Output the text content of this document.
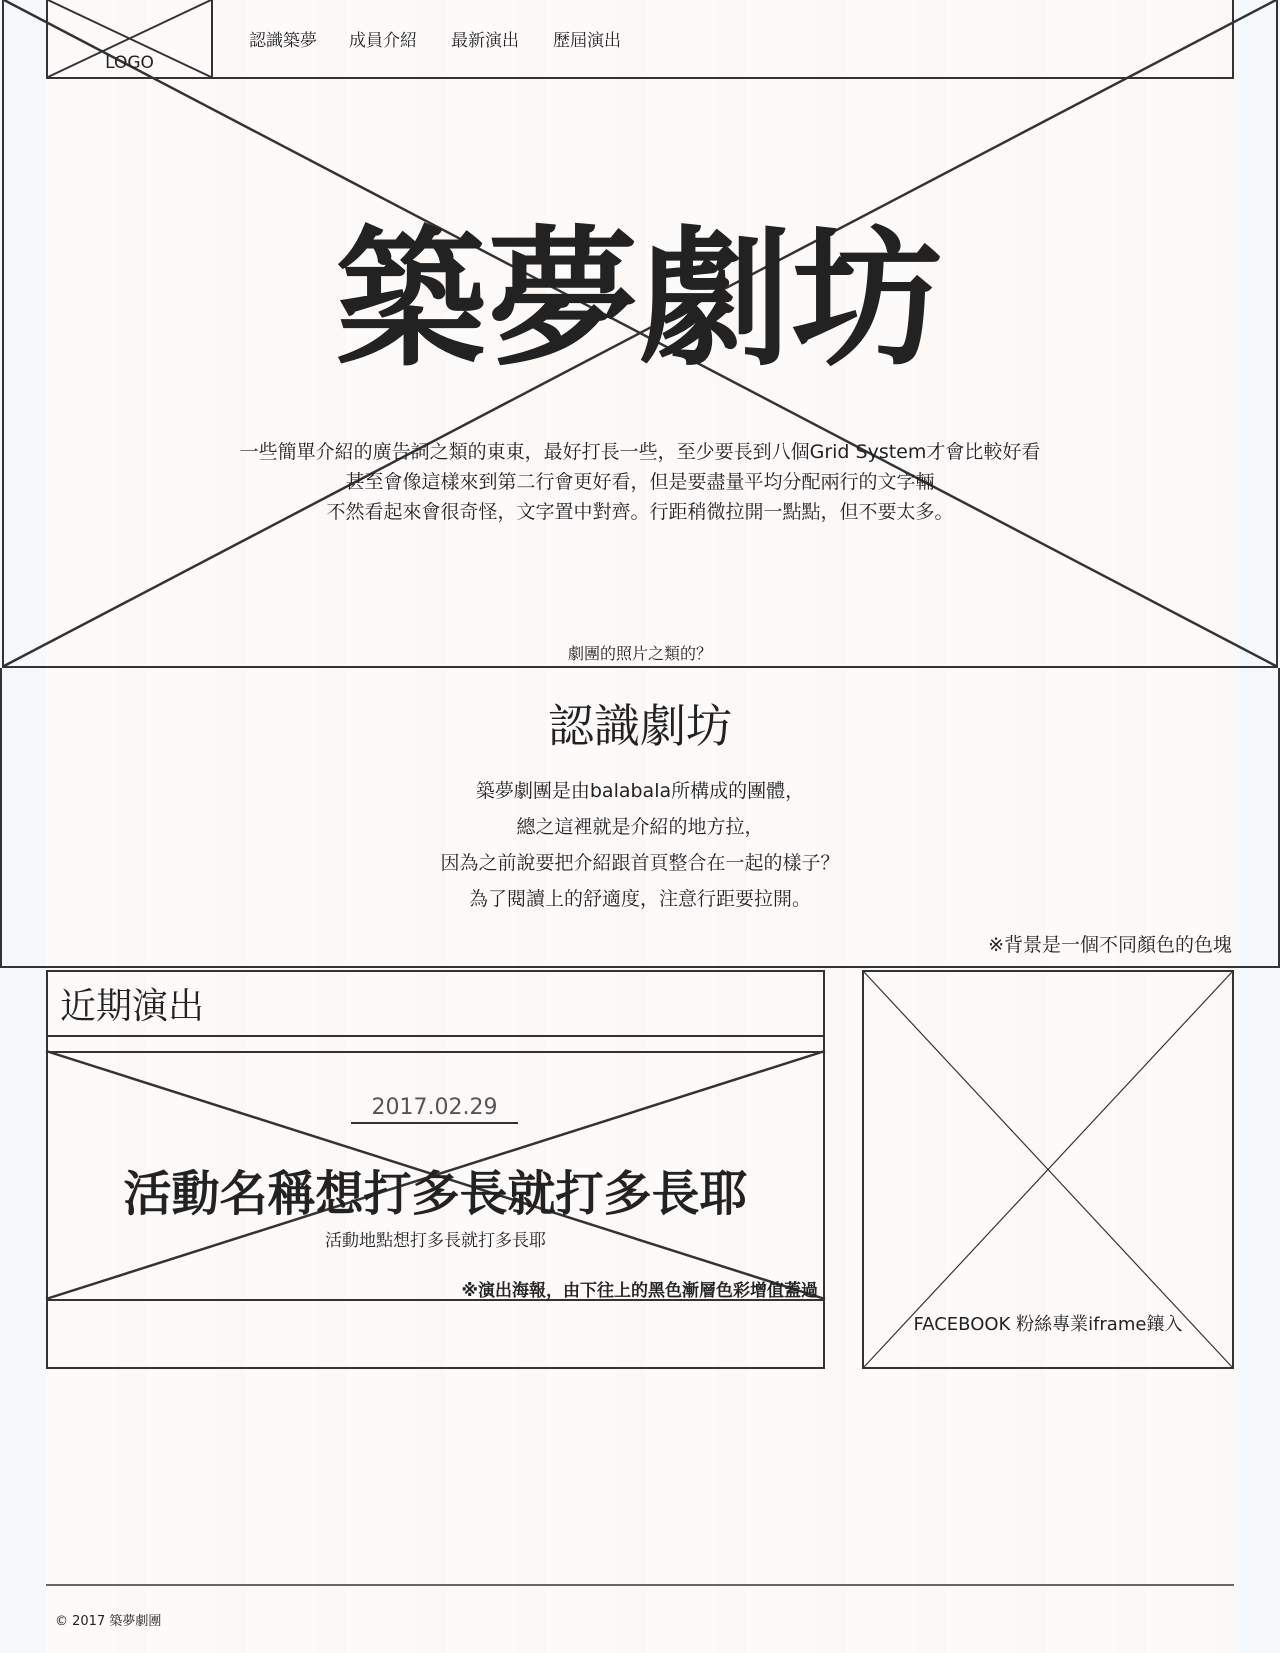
LOGO
認識築夢 成員介紹 最新演出 歷屆演出
築夢劇坊
一些簡單介紹的廣告詞之類的東東，最好打長一些，至少要長到八個Grid System才會比較好看
甚至會像這樣來到第二行會更好看，但是要盡量平均分配兩行的文字輛
不然看起來會很奇怪，文字置中對齊。行距稍微拉開一點點，但不要太多。
劇團的照片之類的？
認識劇坊
築夢劇團是由balabala所構成的團體，
總之這裡就是介紹的地方拉，
因為之前說要把介紹跟首頁整合在一起的樣子？
為了閱讀上的舒適度，注意行距要拉開。
※背景是一個不同顏色的色塊
近期演出
2017.02.29
活動名稱想打多長就打多長耶
活動地點想打多長就打多長耶
※演出海報，由下往上的黑色漸層色彩增值蓋過
FACEBOOK 粉絲專業iframe鑲入
© 2017 築夢劇團
